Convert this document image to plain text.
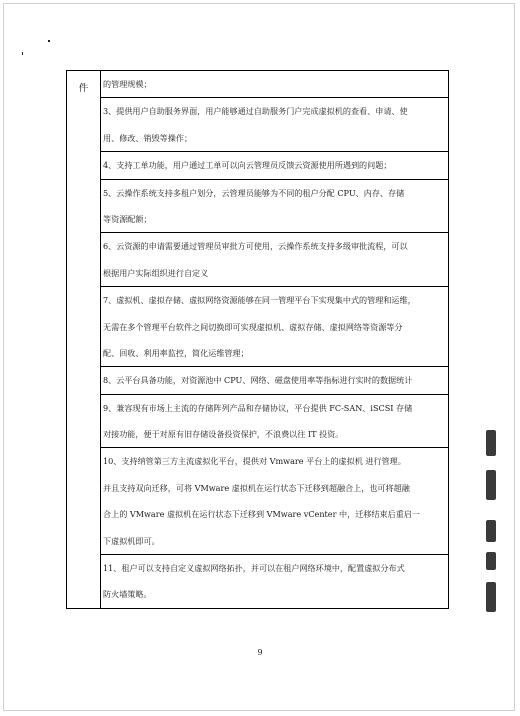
件	的管理规模；

3、提供用户自助服务界面，用户能够通过自助服务门户完成虚拟机的查看、申请、使
用、修改、销毁等操作；

4、支持工单功能，用户通过工单可以向云管理员反馈云资源使用所遇到的问题；

5、云操作系统支持多租户划分，云管理员能够为不同的租户分配 CPU、内存、存储
等资源配额；

6、云资源的申请需要通过管理员审批方可使用，云操作系统支持多级审批流程，可以
根据用户实际组织进行自定义

7、虚拟机、虚拟存储、虚拟网络资源能够在同一管理平台下实现集中式的管理和运维，
无需在多个管理平台软件之间切换即可实现虚拟机、虚拟存储、虚拟网络等资源等分
配、回收、利用率监控，简化运维管理；

8、云平台具备功能，对资源池中 CPU、网络、磁盘使用率等指标进行实时的数据统计

9、兼容现有市场上主流的存储阵列产品和存储协议，平台提供 FC-SAN、iSCSI 存储
对接功能，便于对原有旧存储设备投资保护，不浪费以往 IT 投资。

10、支持纳管第三方主流虚拟化平台，提供对 Vmware 平台上的虚拟机 进行管理。
并且支持双向迁移，可将 VMware 虚拟机在运行状态下迁移到超融合上，也可将超融
合上的 VMware 虚拟机在运行状态下迁移到 VMware vCenter 中，迁移结束后重启一
下虚拟机即可。

11、租户可以支持自定义虚拟网络拓扑，并可以在租户网络环境中，配置虚拟分布式
防火墙策略。
9
